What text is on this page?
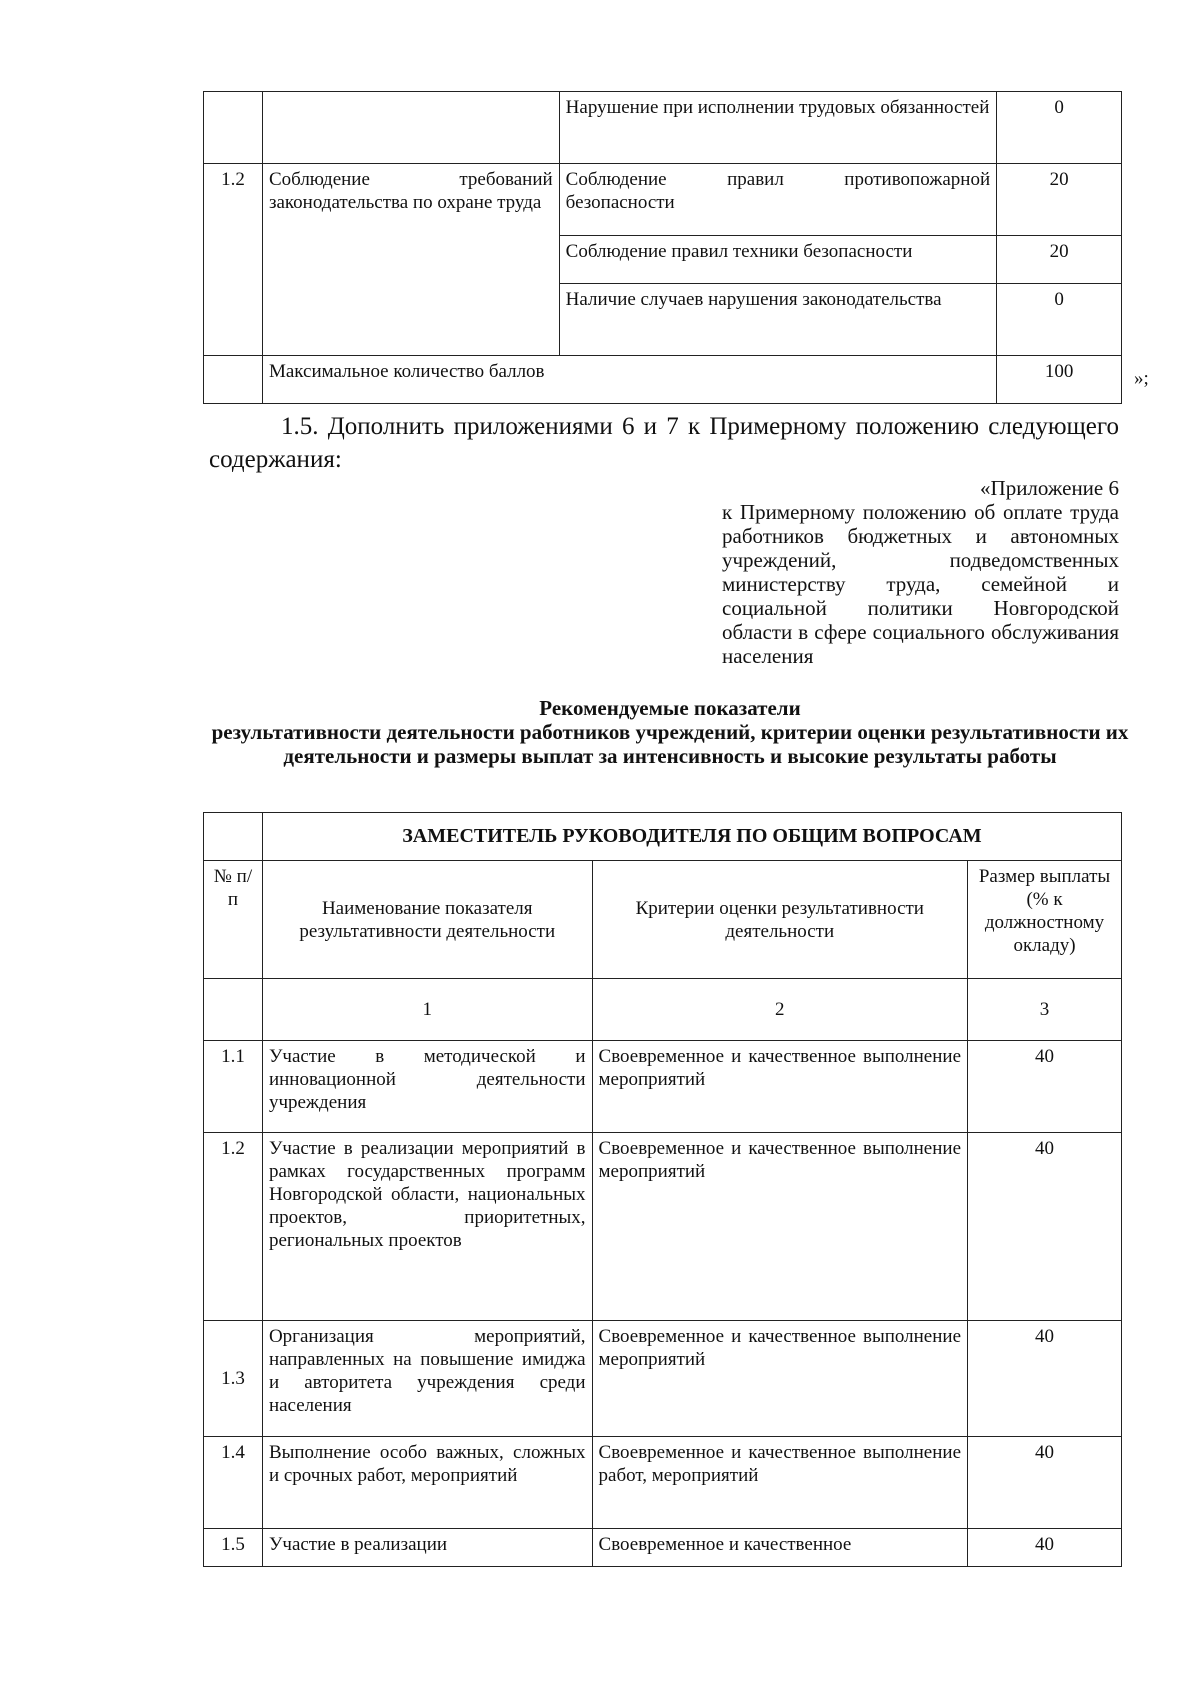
		Нарушение при исполнении трудовых обязанностей	0
1.2	Соблюдение требований законодательства по охране труда	Соблюдение правил противопожарной безопасности	20
		Соблюдение правил техники безопасности	20
		Наличие случаев нарушения законодательства	0
	Максимальное количество баллов		100	»;
1.5. Дополнить приложениями 6 и 7 к Примерному положению следующего содержания:
«Приложение 6
к Примерному положению об оплате труда работников бюджетных и автономных учреждений, подведомственных министерству труда, семейной и социальной политики Новгородской области в сфере социального обслуживания населения
Рекомендуемые показатели
результативности деятельности работников учреждений, критерии оценки результативности их деятельности и размеры выплат за интенсивность и высокие результаты работы
	ЗАМЕСТИТЕЛЬ РУКОВОДИТЕЛЯ ПО ОБЩИМ ВОПРОСАМ		
№ п/п	Наименование показателя результативности деятельности	Критерии оценки результативности деятельности	Размер выплаты (% к должностному окладу)
	1	2	3
1.1	Участие в методической и инновационной деятельности учреждения	Своевременное и качественное выполнение мероприятий	40
1.2	Участие в реализации мероприятий в рамках государственных программ Новгородской области, национальных проектов, приоритетных, региональных проектов	Своевременное и качественное выполнение мероприятий	40
1.3	Организация мероприятий, направленных на повышение имиджа и авторитета учреждения среди населения	Своевременное и качественное выполнение мероприятий	40
1.4	Выполнение особо важных, сложных и срочных работ, мероприятий	Своевременное и качественное выполнение работ, мероприятий	40
1.5	Участие в реализации	Своевременное и качественное	40
